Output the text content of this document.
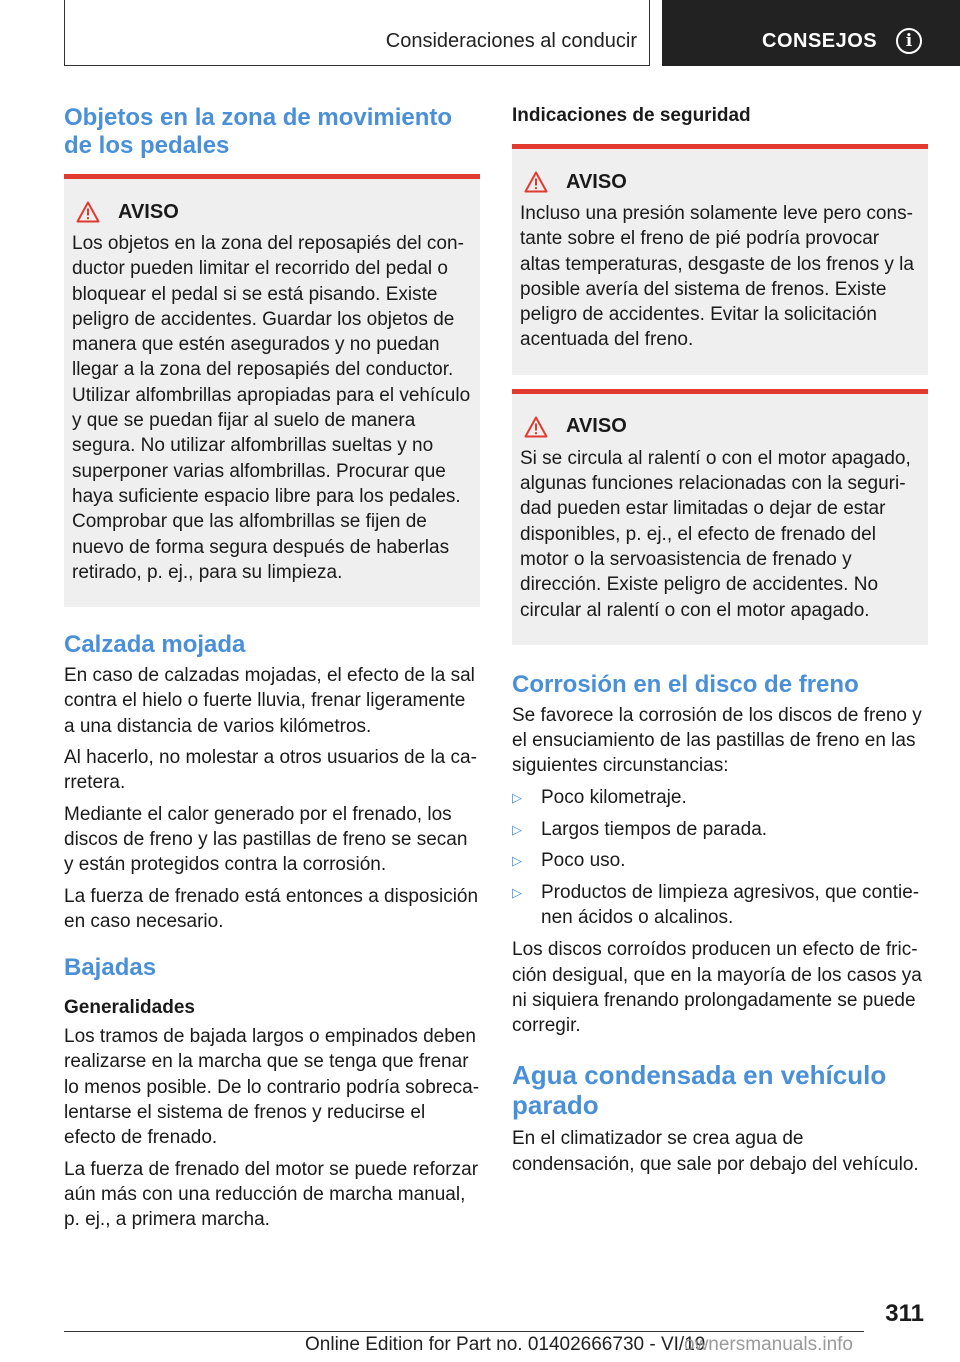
Consideraciones al conducir	CONSEJOS	i
Objetos en la zona de movimiento de los pedales
AVISO

Los objetos en la zona del reposapiés del conductor pueden limitar el recorrido del pedal o bloquear el pedal si se está pisando. Existe peligro de accidentes. Guardar los objetos de manera que estén asegurados y no puedan llegar a la zona del reposapiés del conductor. Utilizar alfombrillas apropiadas para el vehículo y que se puedan fijar al suelo de manera segura. No utilizar alfombrillas sueltas y no superponer varias alfombrillas. Procurar que haya suficiente espacio libre para los pedales. Comprobar que las alfombrillas se fijen de nuevo de forma segura después de haberlas retirado, p. ej., para su limpieza.

Calzada mojada

En caso de calzadas mojadas, el efecto de la sal contra el hielo o fuerte lluvia, frenar ligeramente a una distancia de varios kilómetros.

Al hacerlo, no molestar a otros usuarios de la carretera.

Mediante el calor generado por el frenado, los discos de freno y las pastillas de freno se secan y están protegidos contra la corrosión.

La fuerza de frenado está entonces a disposición en caso necesario.

Bajadas
Generalidades

Los tramos de bajada largos o empinados deben realizarse en la marcha que se tenga que frenar lo menos posible. De lo contrario podría sobrecalentarse el sistema de frenos y reducirse el efecto de frenado.

La fuerza de frenado del motor se puede reforzar aún más con una reducción de marcha manual, p. ej., a primera marcha.

Indicaciones de seguridad
AVISO

Incluso una presión solamente leve pero constante sobre el freno de pié podría provocar altas temperaturas, desgaste de los frenos y la posible avería del sistema de frenos. Existe peligro de accidentes. Evitar la solicitación acentuada del freno.

AVISO

Si se circula al ralentí o con el motor apagado, algunas funciones relacionadas con la seguridad pueden estar limitadas o dejar de estar disponibles, p. ej., el efecto de frenado del motor o la servoasistencia de frenado y dirección. Existe peligro de accidentes. No circular al ralentí o con el motor apagado.

Corrosión en el disco de freno

Se favorece la corrosión de los discos de freno y el ensuciamiento de las pastillas de freno en las siguientes circunstancias:

▷ Poco kilometraje.
▷ Largos tiempos de parada.
▷ Poco uso.
▷ Productos de limpieza agresivos, que contienen ácidos o alcalinos.

Los discos corroídos producen un efecto de fricción desigual, que en la mayoría de los casos ya ni siquiera frenando prolongadamente se puede corregir.

Agua condensada en vehículo parado

En el climatizador se crea agua de condensación, que sale por debajo del vehículo.

311
Online Edition for Part no. 01402666730 - VI/19
ownersmanuals.info
